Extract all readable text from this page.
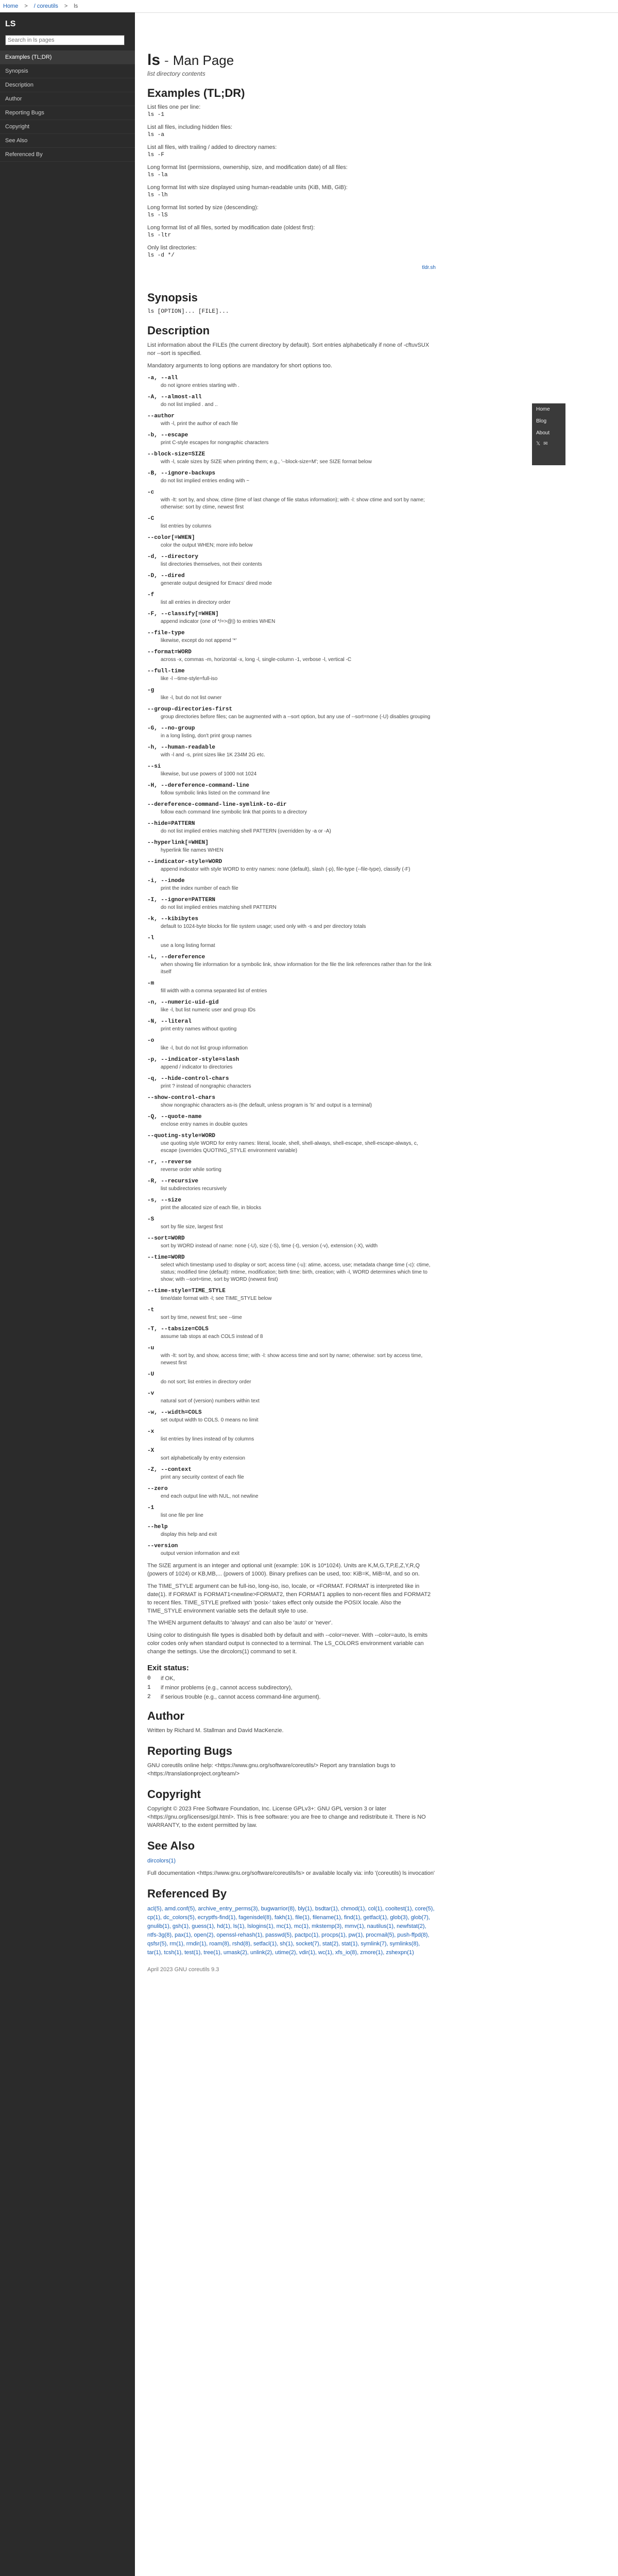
Home	>	/ coreutils	>	ls
LS
Search in ls pages
Examples (TL;DR)
Synopsis
Description
Author
Reporting Bugs
Copyright
See Also
Referenced By
ls - Man Page
list directory contents
Examples (TL;DR)
List files one per line:
ls -1
List all files, including hidden files:
ls -a
List all files, with trailing / added to directory names:
ls -F
Long format list (permissions, ownership, size, and modification date) of all files:
ls -la
Long format list with size displayed using human-readable units (KiB, MiB, GiB):
ls -lh
Long format list sorted by size (descending):
ls -lS
Long format list of all files, sorted by modification date (oldest first):
ls -ltr
Only list directories:
ls -d */
tldr.sh
Synopsis
ls [OPTION]... [FILE]...
Description
List information about the FILEs (the current directory by default). Sort entries alphabetically if none of -cftuvSUX nor --sort is specified.
Mandatory arguments to long options are mandatory for short options too.
-a, --all
do not ignore entries starting with .
-A, --almost-all
do not list implied . and ..
--author
with -l, print the author of each file
-b, --escape
print C-style escapes for nongraphic characters
--block-size=SIZE
with -l, scale sizes by SIZE when printing them; e.g., '--block-size=M'; see SIZE format below
-B, --ignore-backups
do not list implied entries ending with ~
-c
with -lt: sort by, and show, ctime (time of last change of file status information); with -l: show ctime and sort by name; otherwise: sort by ctime, newest first
-C
list entries by columns
--color[=WHEN]
color the output WHEN; more info below
-d, --directory
list directories themselves, not their contents
-D, --dired
generate output designed for Emacs' dired mode
-f
list all entries in directory order
-F, --classify[=WHEN]
append indicator (one of */=>@|) to entries WHEN
--file-type
likewise, except do not append '*'
--format=WORD
across -x, commas -m, horizontal -x, long -l, single-column -1, verbose -l, vertical -C
--full-time
like -l --time-style=full-iso
-g
like -l, but do not list owner
--group-directories-first
group directories before files; can be augmented with a --sort option, but any use of --sort=none (-U) disables grouping
-G, --no-group
in a long listing, don't print group names
-h, --human-readable
with -l and -s, print sizes like 1K 234M 2G etc.
--si
likewise, but use powers of 1000 not 1024
-H, --dereference-command-line
follow symbolic links listed on the command line
--dereference-command-line-symlink-to-dir
follow each command line symbolic link that points to a directory
--hide=PATTERN
do not list implied entries matching shell PATTERN (overridden by -a or -A)
--hyperlink[=WHEN]
hyperlink file names WHEN
--indicator-style=WORD
append indicator with style WORD to entry names: none (default), slash (-p), file-type (--file-type), classify (-F)
-i, --inode
print the index number of each file
-I, --ignore=PATTERN
do not list implied entries matching shell PATTERN
-k, --kibibytes
default to 1024-byte blocks for file system usage; used only with -s and per directory totals
-l
use a long listing format
-L, --dereference
when showing file information for a symbolic link, show information for the file the link references rather than for the link itself
-m
fill width with a comma separated list of entries
-n, --numeric-uid-gid
like -l, but list numeric user and group IDs
-N, --literal
print entry names without quoting
-o
like -l, but do not list group information
-p, --indicator-style=slash
append / indicator to directories
-q, --hide-control-chars
print ? instead of nongraphic characters
--show-control-chars
show nongraphic characters as-is (the default, unless program is 'ls' and output is a terminal)
-Q, --quote-name
enclose entry names in double quotes
--quoting-style=WORD
use quoting style WORD for entry names: literal, locale, shell, shell-always, shell-escape, shell-escape-always, c, escape (overrides QUOTING_STYLE environment variable)
-r, --reverse
reverse order while sorting
-R, --recursive
list subdirectories recursively
-s, --size
print the allocated size of each file, in blocks
-S
sort by file size, largest first
--sort=WORD
sort by WORD instead of name: none (-U), size (-S), time (-t), version (-v), extension (-X), width
--time=WORD
select which timestamp used to display or sort; access time (-u): atime, access, use; metadata change time (-c): ctime, status; modified time (default): mtime, modification; birth time: birth, creation; with -l, WORD determines which time to show; with --sort=time, sort by WORD (newest first)
--time-style=TIME_STYLE
time/date format with -l; see TIME_STYLE below
-t
sort by time, newest first; see --time
-T, --tabsize=COLS
assume tab stops at each COLS instead of 8
-u
with -lt: sort by, and show, access time; with -l: show access time and sort by name; otherwise: sort by access time, newest first
-U
do not sort; list entries in directory order
-v
natural sort of (version) numbers within text
-w, --width=COLS
set output width to COLS. 0 means no limit
-x
list entries by lines instead of by columns
-X
sort alphabetically by entry extension
-Z, --context
print any security context of each file
--zero
end each output line with NUL, not newline
-1
list one file per line
--help
display this help and exit
--version
output version information and exit
The SIZE argument is an integer and optional unit (example: 10K is 10*1024). Units are K,M,G,T,P,E,Z,Y,R,Q (powers of 1024) or KB,MB,... (powers of 1000). Binary prefixes can be used, too: KiB=K, MiB=M, and so on.
The TIME_STYLE argument can be full-iso, long-iso, iso, locale, or +FORMAT. FORMAT is interpreted like in date(1). If FORMAT is FORMAT1<newline>FORMAT2, then FORMAT1 applies to non-recent files and FORMAT2 to recent files. TIME_STYLE prefixed with 'posix-' takes effect only outside the POSIX locale. Also the TIME_STYLE environment variable sets the default style to use.
The WHEN argument defaults to 'always' and can also be 'auto' or 'never'.
Using color to distinguish file types is disabled both by default and with --color=never. With --color=auto, ls emits color codes only when standard output is connected to a terminal. The LS_COLORS environment variable can change the settings. Use the dircolors(1) command to set it.
Exit status:
0	if OK,
1	if minor problems (e.g., cannot access subdirectory),
2	if serious trouble (e.g., cannot access command-line argument).
Author
Written by Richard M. Stallman and David MacKenzie.
Reporting Bugs
GNU coreutils online help: <https://www.gnu.org/software/coreutils/> Report any translation bugs to <https://translationproject.org/team/>
Copyright
Copyright © 2023 Free Software Foundation, Inc. License GPLv3+: GNU GPL version 3 or later <https://gnu.org/licenses/gpl.html>. This is free software: you are free to change and redistribute it. There is NO WARRANTY, to the extent permitted by law.
See Also
dircolors(1)
Full documentation <https://www.gnu.org/software/coreutils/ls> or available locally via: info '(coreutils) ls invocation'
Referenced By
acl(5), amd.conf(5), archive_entry_perms(3), bugwarrior(8), bly(1), bsdtar(1), chmod(1), col(1), cooltest(1), core(5), cp(1), dc_colors(5), ecryptfs-find(1), fagenisdel(8), fakh(1), file(1), filename(1), find(1), getfacl(1), glob(3), glob(7), gnulib(1), gsh(1), guess(1), hd(1), ls(1), lslogins(1), mc(1), mc(1), mkstemp(3), mmv(1), nautilus(1), newfstat(2), ntfs-3g(8), pax(1), open(2), openssl-rehash(1), passwd(5), pactpc(1), procps(1), pw(1), procmail(5), push-ffpd(8), qsfsr(5), rm(1), rmdir(1), roam(8), rshd(8), setfacl(1), sh(1), socket(7), stat(2), stat(1), symlink(7), symlinks(8), tar(1), tcsh(1), test(1), tree(1), umask(2), unlink(2), utime(2), vdir(1), wc(1), xfs_io(8), zmore(1), zshexpn(1)
April 2023 GNU coreutils 9.3
Home
Blog
About
𝕏 ✉
